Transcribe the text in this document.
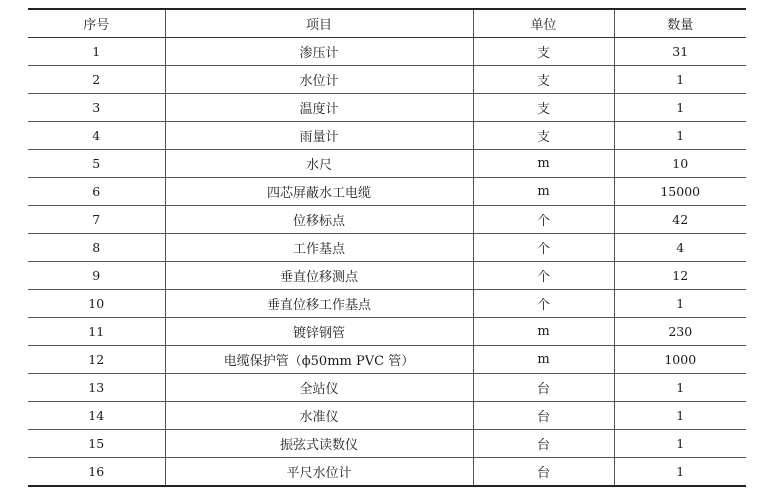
序号	项目	单位	数量
1	渗压计	支	31
2	水位计	支	1
3	温度计	支	1
4	雨量计	支	1
5	水尺	m	10
6	四芯屏蔽水工电缆	m	15000
7	位移标点	个	42
8	工作基点	个	4
9	垂直位移测点	个	12
10	垂直位移工作基点	个	1
11	镀锌钢管	m	230
12	电缆保护管（ϕ50mm PVC 管）	m	1000
13	全站仪	台	1
14	水准仪	台	1
15	振弦式读数仪	台	1
16	平尺水位计	台	1
